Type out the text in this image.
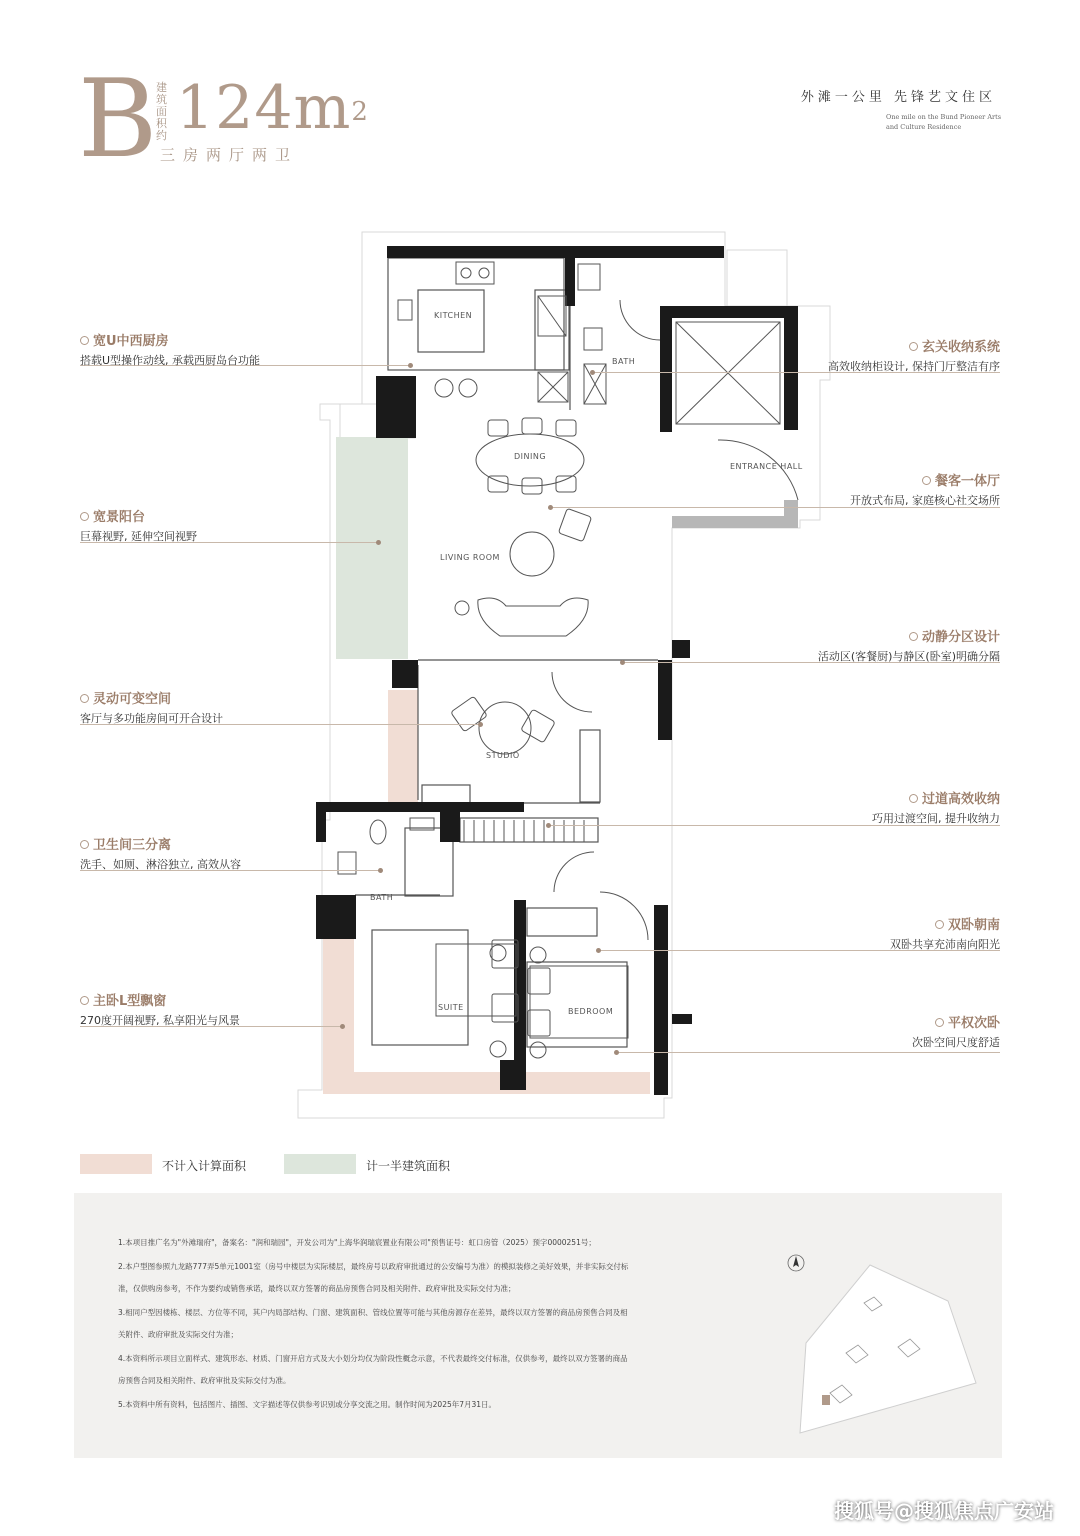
B
建筑面积约 $124m^2$
三房两厅两卫
外滩一公里 先锋艺文住区
One mile on the Bund Pioneer Arts and Culture Residence
KITCHEN
BATH
DINING
ENTRANCE HALL
LIVING ROOM
STUDIO
BATH
SUITE	BEDROOM
宽U中西厨房
搭载U型操作动线, 承载西厨岛台功能
宽景阳台
巨幕视野, 延伸空间视野
灵动可变空间
客厅与多功能房间可开合设计
卫生间三分离
洗手、如厕、淋浴独立, 高效从容
主卧L型飘窗
270度开阔视野, 私享阳光与风景
玄关收纳系统
高效收纳柜设计, 保持门厅整洁有序
餐客一体厅
开放式布局, 家庭核心社交场所
动静分区设计
活动区(客餐厨)与静区(卧室)明确分隔
过道高效收纳
巧用过渡空间, 提升收纳力
双卧朝南
双卧共享充沛南向阳光
平权次卧
次卧空间尺度舒适
不计入计算面积	计一半建筑面积
1.本项目推广名为"外滩瑞府"，备案名："润和瑞园"，开发公司为"上海华润瑞宸置业有限公司"预售证号：虹口房管（2025）预字0000251号；
2.本户型图参照九龙路777弄5单元1001室（房号中楼层为实际楼层，最终房号以政府审批通过的公安编号为准）的模拟装修之美好效果，并非实际交付标
准，仅供购房参考，不作为要约或销售承诺，最终以双方签署的商品房预售合同及相关附件、政府审批及实际交付为准；
3.相同户型因楼栋、楼层、方位等不同，其户内局部结构、门窗、建筑面积、管线位置等可能与其他房源存在差异，最终以双方签署的商品房预售合同及相
关附件、政府审批及实际交付为准；
4.本资料所示项目立面样式、建筑形态、材质、门窗开启方式及大小划分均仅为阶段性概念示意，不代表最终交付标准，仅供参考，最终以双方签署的商品
房预售合同及相关附件、政府审批及实际交付为准。
5.本资料中所有资料，包括图片、插图、文字描述等仅供参考识别或分享交流之用。制作时间为2025年7月31日。
搜狐号@搜狐焦点广安站
